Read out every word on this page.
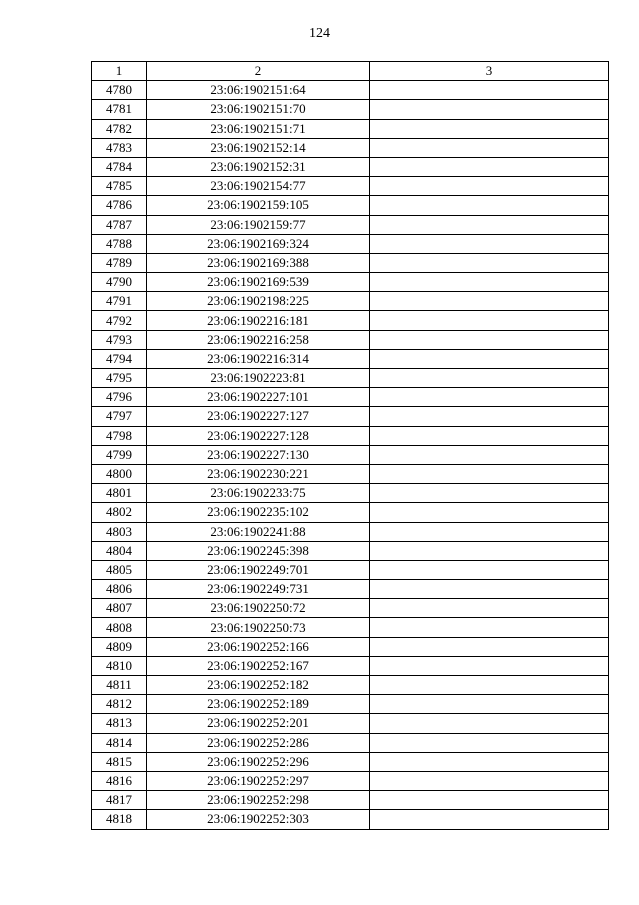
124
1	2	3
4780	23:06:1902151:64	
4781	23:06:1902151:70	
4782	23:06:1902151:71	
4783	23:06:1902152:14	
4784	23:06:1902152:31	
4785	23:06:1902154:77	
4786	23:06:1902159:105	
4787	23:06:1902159:77	
4788	23:06:1902169:324	
4789	23:06:1902169:388	
4790	23:06:1902169:539	
4791	23:06:1902198:225	
4792	23:06:1902216:181	
4793	23:06:1902216:258	
4794	23:06:1902216:314	
4795	23:06:1902223:81	
4796	23:06:1902227:101	
4797	23:06:1902227:127	
4798	23:06:1902227:128	
4799	23:06:1902227:130	
4800	23:06:1902230:221	
4801	23:06:1902233:75	
4802	23:06:1902235:102	
4803	23:06:1902241:88	
4804	23:06:1902245:398	
4805	23:06:1902249:701	
4806	23:06:1902249:731	
4807	23:06:1902250:72	
4808	23:06:1902250:73	
4809	23:06:1902252:166	
4810	23:06:1902252:167	
4811	23:06:1902252:182	
4812	23:06:1902252:189	
4813	23:06:1902252:201	
4814	23:06:1902252:286	
4815	23:06:1902252:296	
4816	23:06:1902252:297	
4817	23:06:1902252:298	
4818	23:06:1902252:303	
